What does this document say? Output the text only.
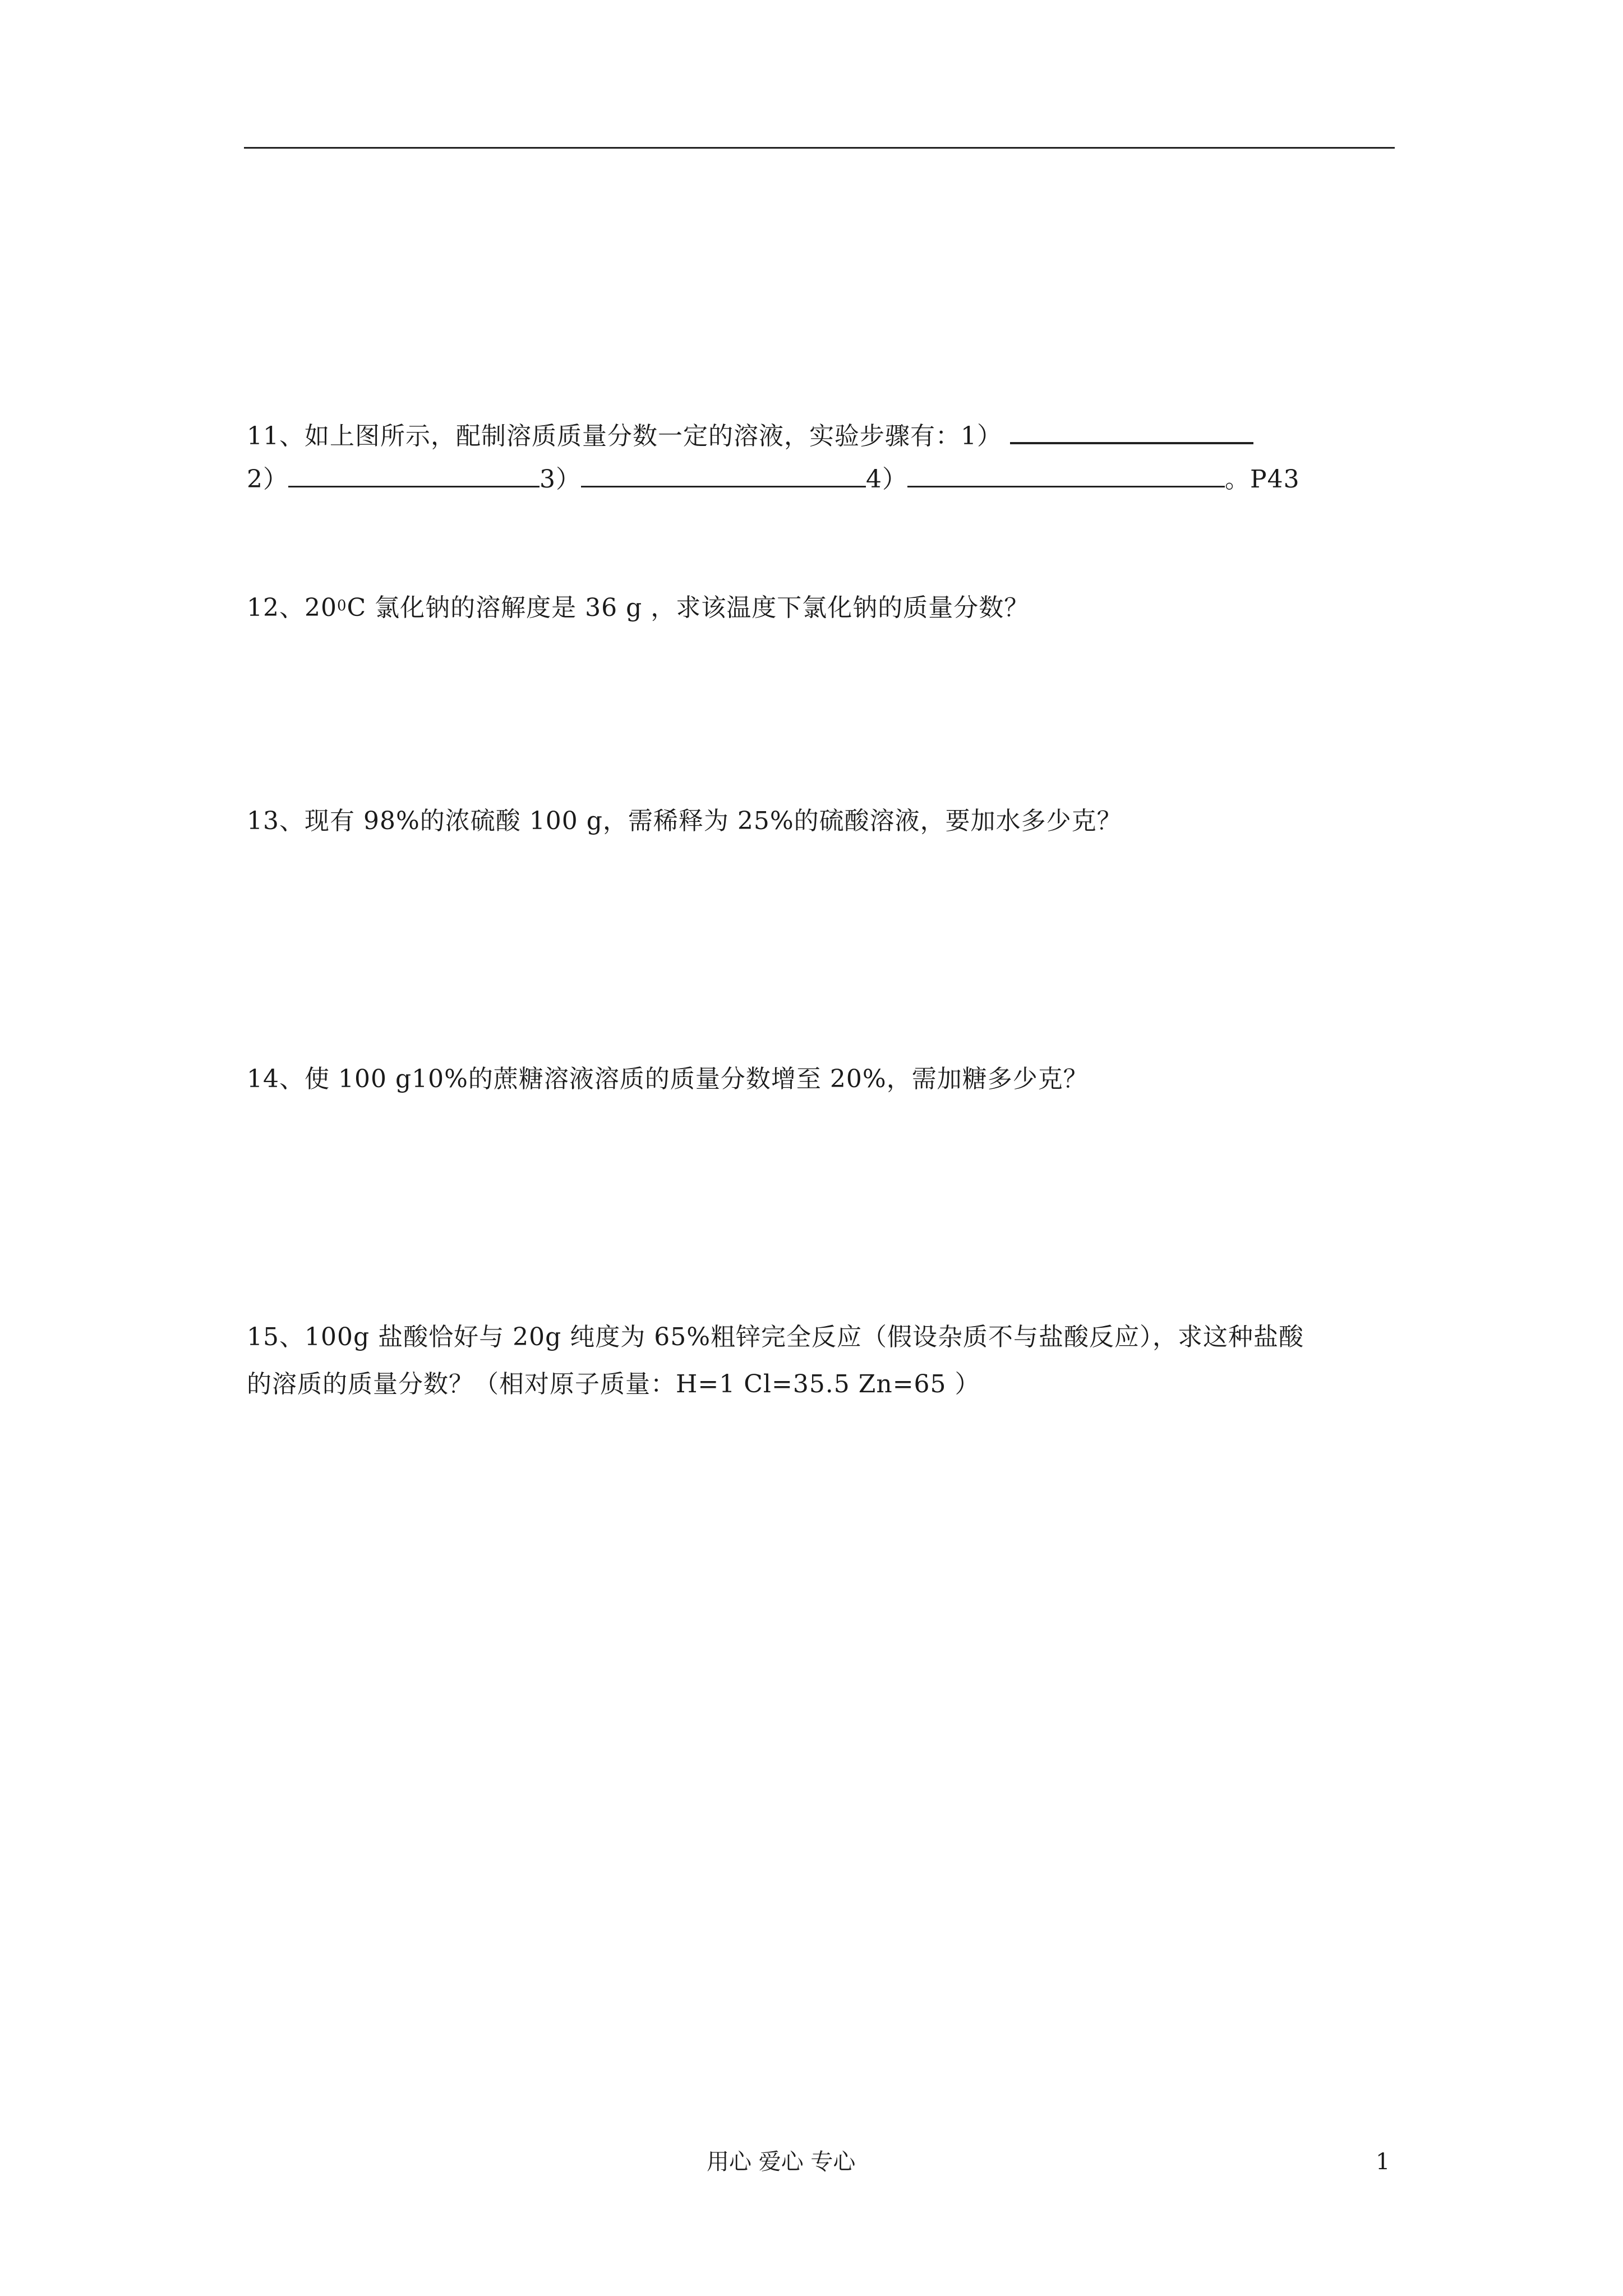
11、如上图所示，配制溶质质量分数一定的溶液，实验步骤有：1）
2）	3）	4）	。P43
12、$20^0C$ 氯化钠的溶解度是 36 g ，求该温度下氯化钠的质量分数？
13、现有 98%的浓硫酸 100 g，需稀释为 25%的硫酸溶液，要加水多少克？
14、使 100 g10%的蔗糖溶液溶质的质量分数增至 20%，需加糖多少克？
15、100g 盐酸恰好与 20g 纯度为 65%粗锌完全反应（假设杂质不与盐酸反应），求这种盐酸
的溶质的质量分数？（相对原子质量：H=1 Cl=35.5 Zn=65 ）
用心 爱心 专心	1
